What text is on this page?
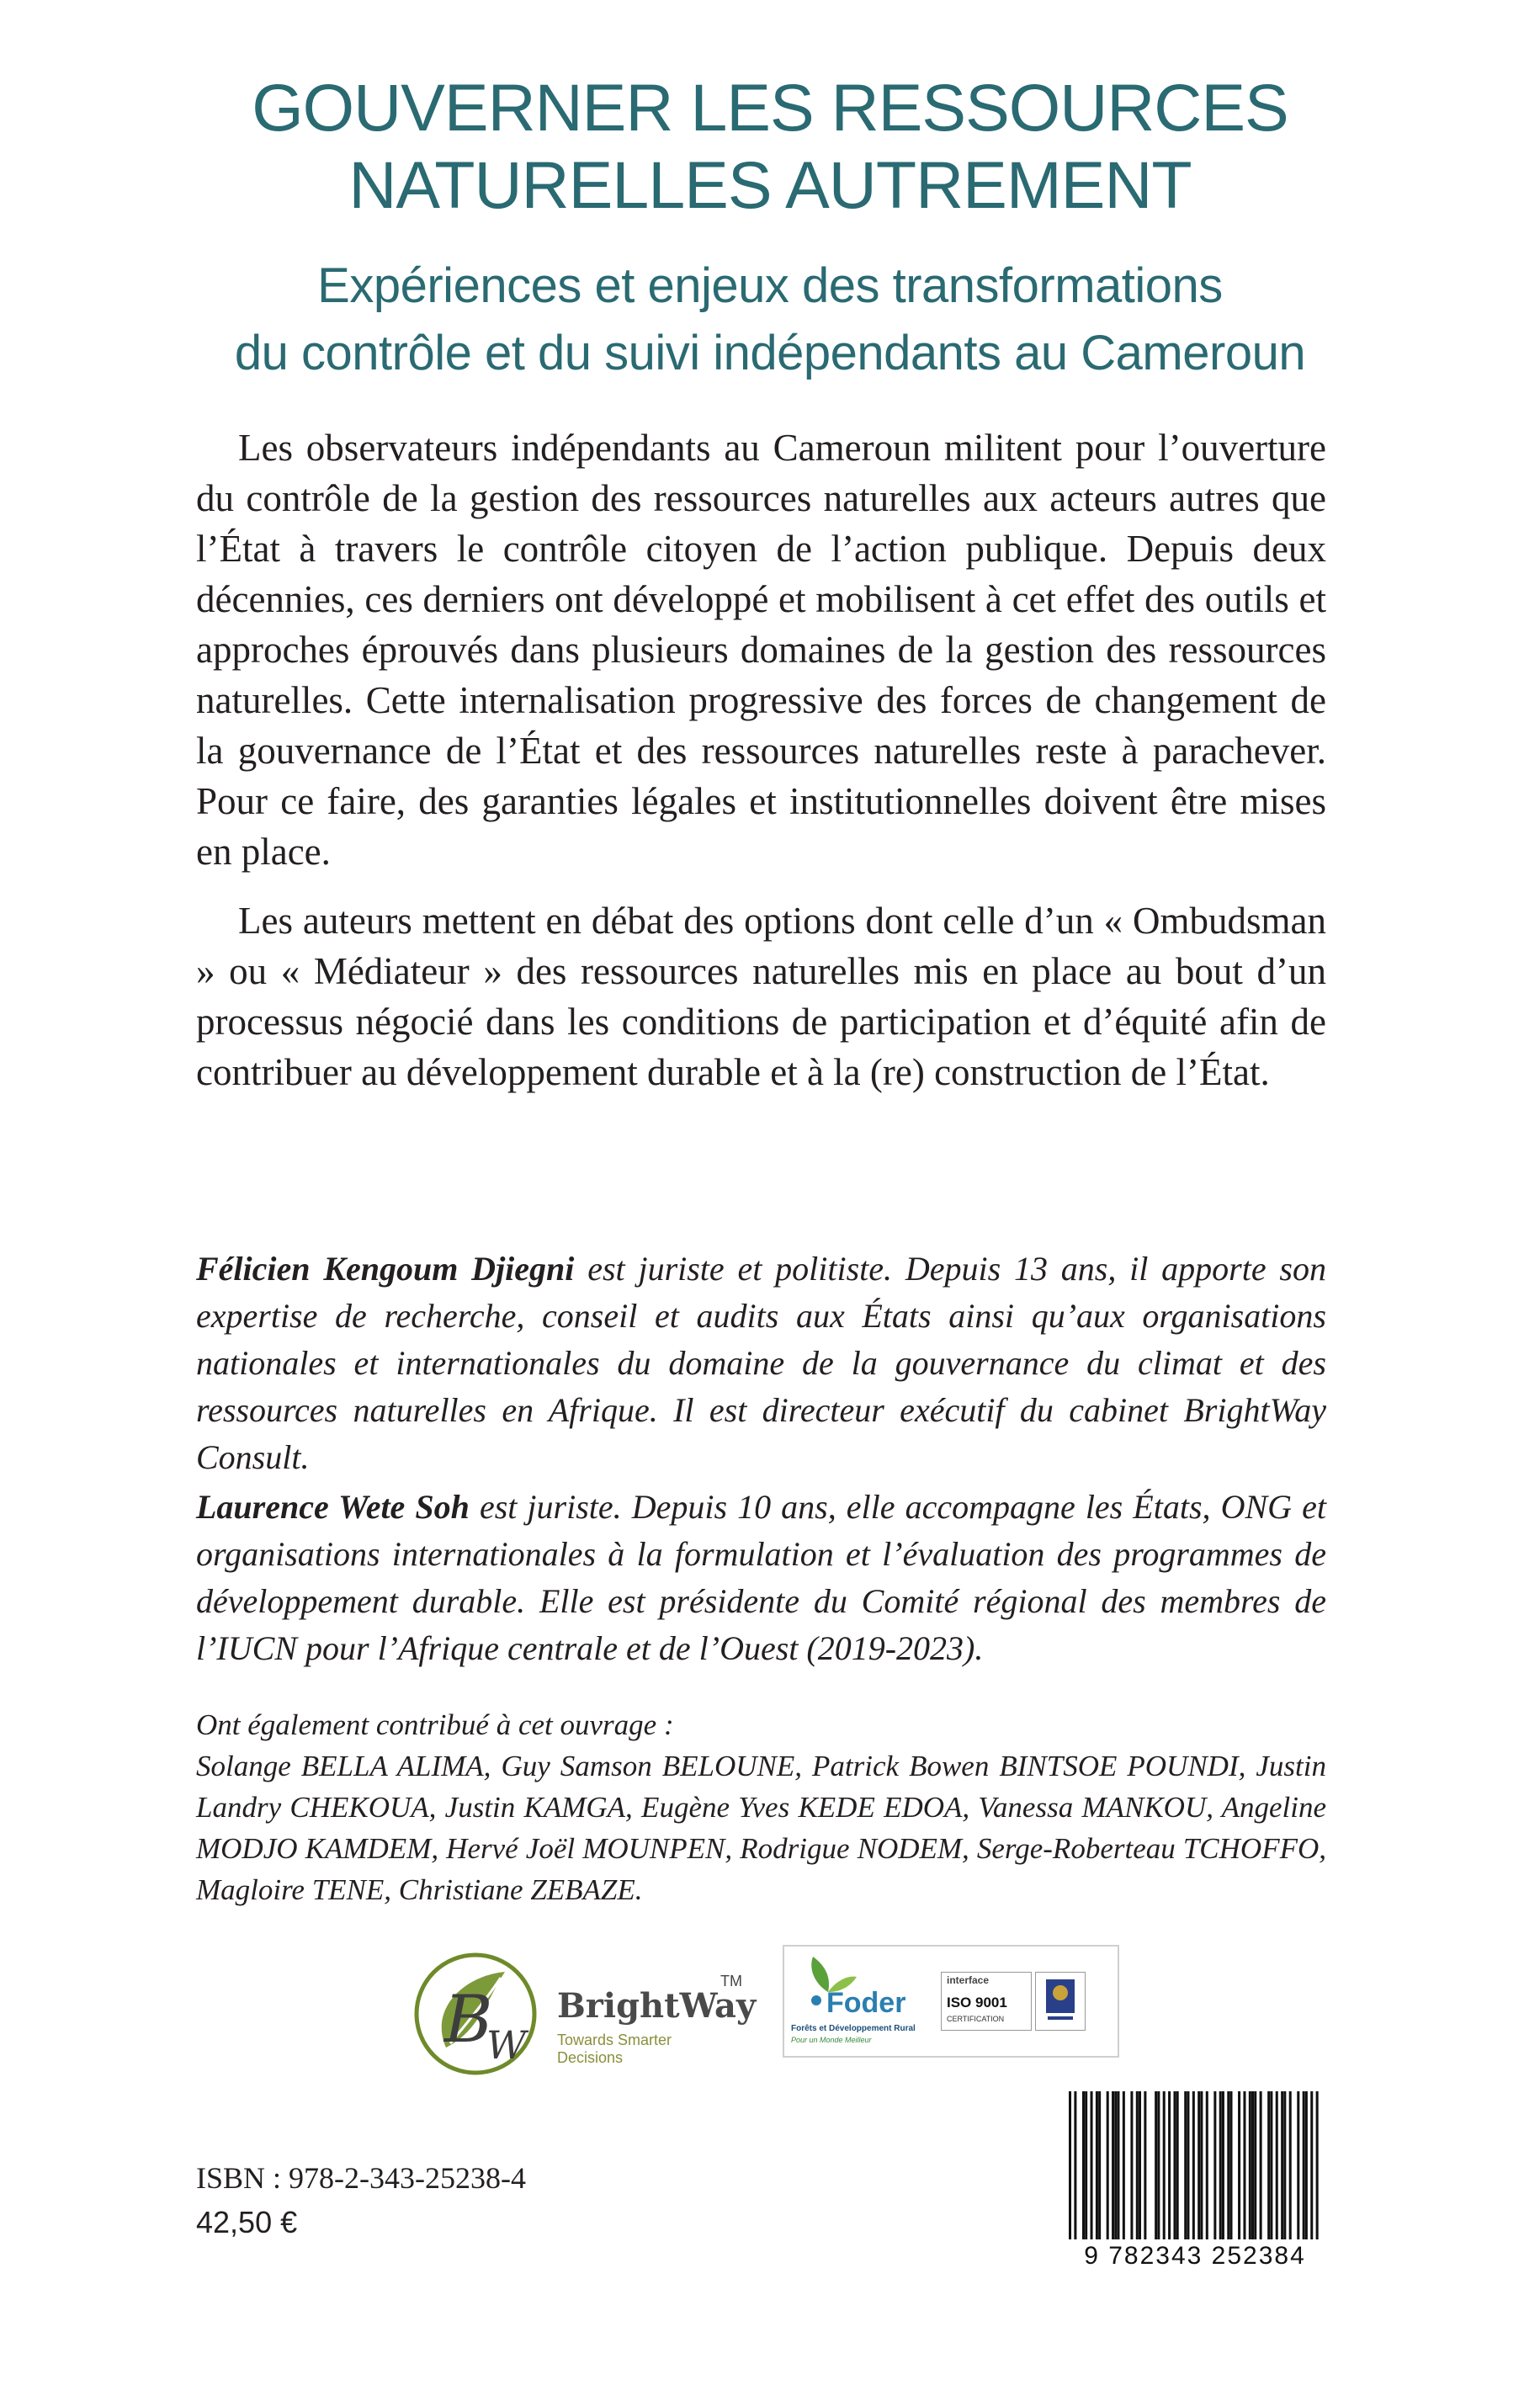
GOUVERNER LES RESSOURCES
NATURELLES AUTREMENT
Expériences et enjeux des transformations
du contrôle et du suivi indépendants au Cameroun

Les observateurs indépendants au Cameroun militent pour l’ouverture du contrôle de la gestion des ressources naturelles aux acteurs autres que l’État à travers le contrôle citoyen de l’action publique. Depuis deux décennies, ces derniers ont développé et mobilisent à cet effet des outils et approches éprouvés dans plusieurs domaines de la gestion des ressources naturelles. Cette internalisation progressive des forces de changement de la gouvernance de l’État et des ressources naturelles reste à parachever. Pour ce faire, des garanties légales et institutionnelles doivent être mises en place.

Les auteurs mettent en débat des options dont celle d’un « Ombudsman » ou « Médiateur » des ressources naturelles mis en place au bout d’un processus négocié dans les conditions de participation et d’équité afin de contribuer au développement durable et à la (re) construction de l’État.

Félicien Kengoum Djiegni est juriste et politiste. Depuis 13 ans, il apporte son expertise de recherche, conseil et audits aux États ainsi qu’aux organisations nationales et internationales du domaine de la gouvernance du climat et des ressources naturelles en Afrique. Il est directeur exécutif du cabinet BrightWay Consult.

Laurence Wete Soh est juriste. Depuis 10 ans, elle accompagne les États, ONG et organisations internationales à la formulation et l’évaluation des programmes de développement durable. Elle est présidente du Comité régional des membres de l’IUCN pour l’Afrique centrale et de l’Ouest (2019-2023).

Ont également contribué à cet ouvrage :
Solange BELLA ALIMA, Guy Samson BELOUNE, Patrick Bowen BINTSOE POUNDI, Justin Landry CHEKOUA, Justin KAMGA, Eugène Yves KEDE EDOA, Vanessa MANKOU, Angeline MODJO KAMDEM, Hervé Joël MOUNPEN, Rodrigue NODEM, Serge-Roberteau TCHOFFO, Magloire TENE, Christiane ZEBAZE.

B
W
BrightWay
TM
Towards Smarter Decisions
Foder
Forêts et Développement Rural
Pour un Monde Meilleur
interface
ISO 9001
CERTIFICATION
9 782343 252384
ISBN : 978-2-343-25238-4
42,50 €
